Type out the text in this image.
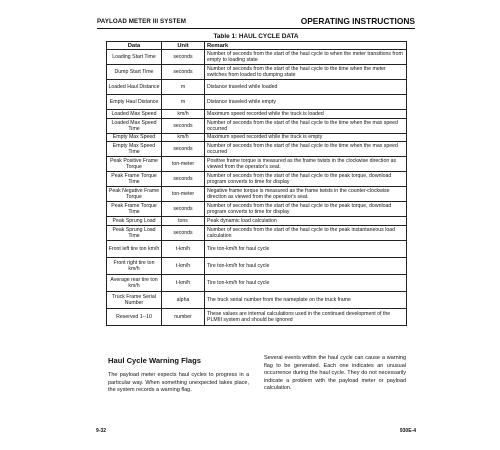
PAYLOAD METER III SYSTEM	OPERATING INSTRUCTIONS
Table 1: HAUL CYCLE DATA
Data	Unit	Remark
Loading Start Time	seconds	Number of seconds from the start of the haul cycle to when the meter transitions from empty to loading state
Dump Start Time	seconds	Number of seconds from the start of the haul cycle to the time when the meter switches from loaded to dumping state
Loaded Haul Distance	m	Distance traveled while loaded
Empty Haul Distance	m	Distance traveled while empty
Loaded Max Speed	km/h	Maximum speed recorded while the truck is loaded
Loaded Max Speed Time	seconds	Number of seconds from the start of the haul cycle to the time when the max speed occurred
Empty Max Speed	km/h	Maximum speed recorded while the truck is empty
Empty Max Speed Time	seconds	Number of seconds from the start of the haul cycle to the time when the max speed occurred
Peak Positive Frame Torque	ton-meter	Positive frame torque is measured as the frame twists in the clockwise direction as viewed from the operator's seat.
Peak Frame Torque Time	seconds	Number of seconds from the start of the haul cycle to the peak torque, download program converts to time for display
Peak Negative Frame Torque	ton-meter	Negative frame torque is measured as the frame twists in the counter-clockwise direction as viewed from the operator's seat.
Peak Frame Torque Time	seconds	Number of seconds from the start of the haul cycle to the peak torque, download program converts to time for display
Peak Sprung Load	tons	Peak dynamic load calculation
Peak Sprung Load Time	seconds	Number of seconds from the start of the haul cycle to the peak instantaneous load calculation
Front left tire ton km/h	t-km/h	Tire ton-km/h for haul cycle
Front right tire ton km/h	t-km/h	Tire ton-km/h for haul cycle
Average rear tire ton km/h	t-km/h	Tire ton-km/h for haul cycle
Truck Frame Serial Number	alpha	The truck serial number from the nameplate on the truck frame
Reserved 1--10	number	These values are internal calculations used in the continued development of the PLMIII system and should be ignored
Haul Cycle Warning Flags

The payload meter expects haul cycles to progress in a particular way. When something unexpected takes place, the system records a warning flag.

Several events within the haul cycle can cause a warning flag to be generated. Each one indicates an unusual occurrence during the haul cycle. They do not necessarily indicate a problem with the payload meter or payload calculation.

9-32	930E-4
